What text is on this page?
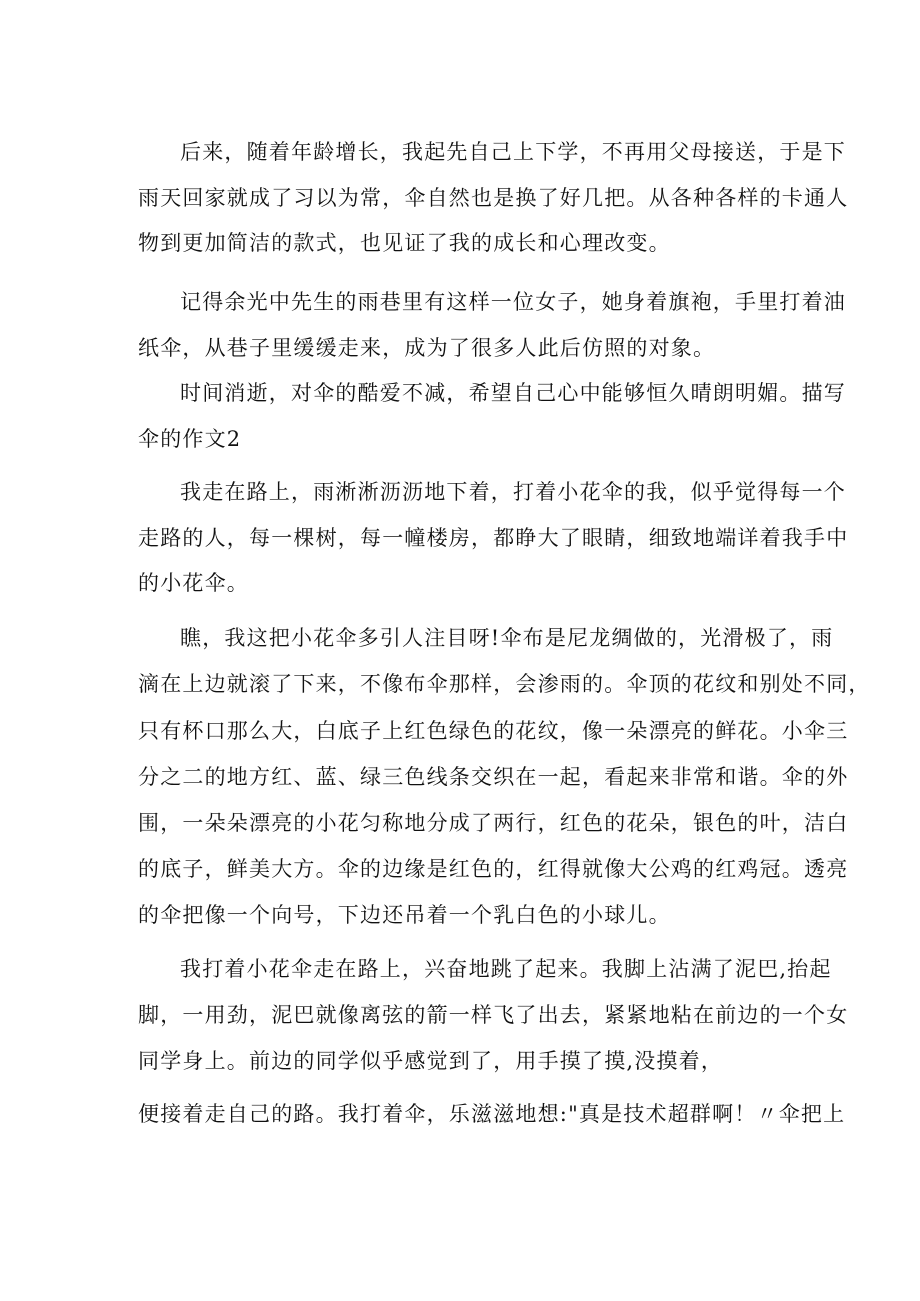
后来，随着年龄增长，我起先自己上下学，不再用父母接送，于是下
雨天回家就成了习以为常，伞自然也是换了好几把。从各种各样的卡通人
物到更加简洁的款式，也见证了我的成长和心理改变。
记得余光中先生的雨巷里有这样一位女子，她身着旗袍，手里打着油
纸伞，从巷子里缓缓走来，成为了很多人此后仿照的对象。
时间消逝，对伞的酷爱不减，希望自己心中能够恒久晴朗明媚。描写
伞的作文2
我走在路上，雨淅淅沥沥地下着，打着小花伞的我，似乎觉得每一个
走路的人，每一棵树，每一幢楼房，都睁大了眼睛，细致地端详着我手中
的小花伞。
瞧，我这把小花伞多引人注目呀!伞布是尼龙绸做的，光滑极了，雨
滴在上边就滚了下来，不像布伞那样，会渗雨的。伞顶的花纹和别处不同，
只有杯口那么大，白底子上红色绿色的花纹，像一朵漂亮的鲜花。小伞三
分之二的地方红、蓝、绿三色线条交织在一起，看起来非常和谐。伞的外
围，一朵朵漂亮的小花匀称地分成了两行，红色的花朵，银色的叶，洁白
的底子，鲜美大方。伞的边缘是红色的，红得就像大公鸡的红鸡冠。透亮
的伞把像一个向号，下边还吊着一个乳白色的小球儿。
我打着小花伞走在路上，兴奋地跳了起来。我脚上沾满了泥巴,抬起
脚，一用劲，泥巴就像离弦的箭一样飞了出去，紧紧地粘在前边的一个女
同学身上。前边的同学似乎感觉到了，用手摸了摸,没摸着，
便接着走自己的路。我打着伞，乐滋滋地想:"真是技术超群啊！〃伞把上
